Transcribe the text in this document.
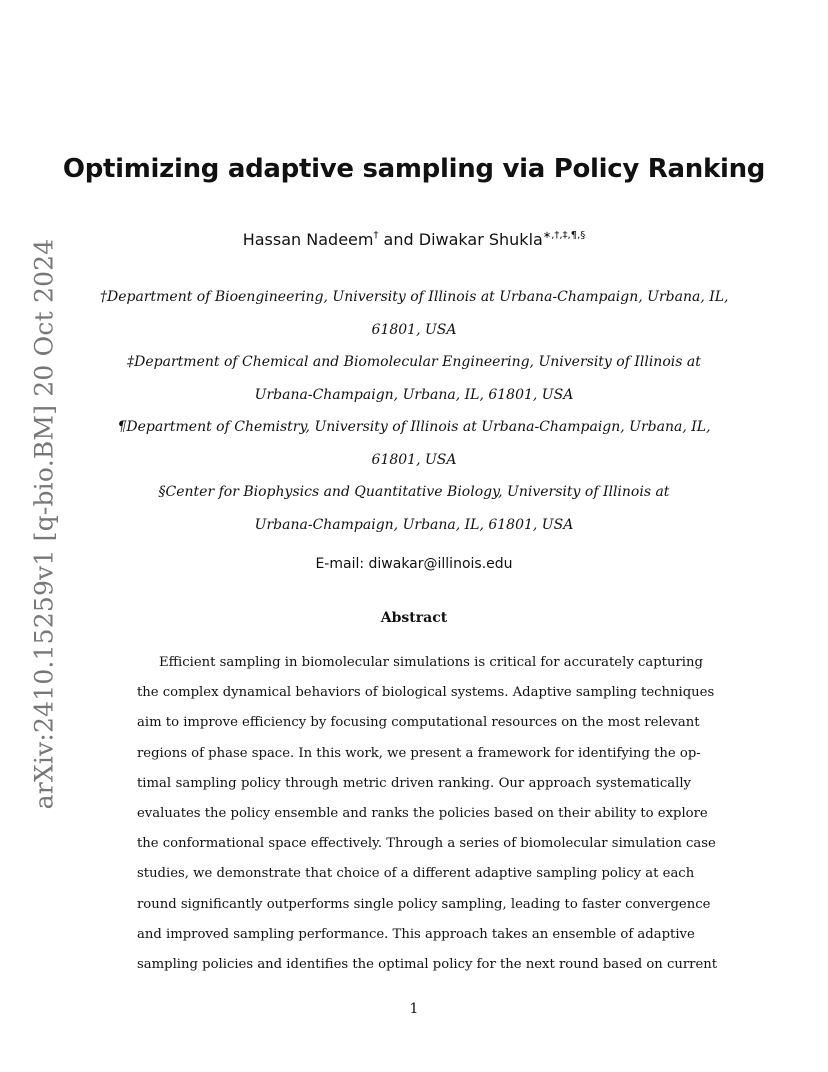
arXiv:2410.15259v1 [q-bio.BM] 20 Oct 2024
Optimizing adaptive sampling via Policy Ranking
Hassan Nadeem† and Diwakar Shukla∗,†,‡,¶,§
†Department of Bioengineering, University of Illinois at Urbana-Champaign, Urbana, IL,
61801, USA
‡Department of Chemical and Biomolecular Engineering, University of Illinois at
Urbana-Champaign, Urbana, IL, 61801, USA
¶Department of Chemistry, University of Illinois at Urbana-Champaign, Urbana, IL,
61801, USA
§Center for Biophysics and Quantitative Biology, University of Illinois at
Urbana-Champaign, Urbana, IL, 61801, USA
E-mail: diwakar@illinois.edu
Abstract
Efficient sampling in biomolecular simulations is critical for accurately capturing
the complex dynamical behaviors of biological systems. Adaptive sampling techniques
aim to improve efficiency by focusing computational resources on the most relevant
regions of phase space. In this work, we present a framework for identifying the op-
timal sampling policy through metric driven ranking. Our approach systematically
evaluates the policy ensemble and ranks the policies based on their ability to explore
the conformational space effectively. Through a series of biomolecular simulation case
studies, we demonstrate that choice of a different adaptive sampling policy at each
round significantly outperforms single policy sampling, leading to faster convergence
and improved sampling performance. This approach takes an ensemble of adaptive
sampling policies and identifies the optimal policy for the next round based on current
1
